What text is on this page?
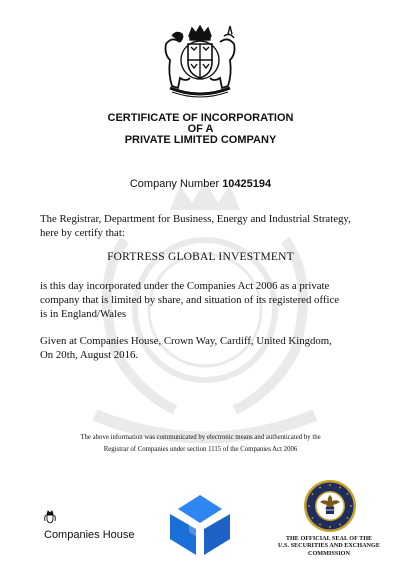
CERTIFICATE OF INCORPORATION
OF A
PRIVATE LIMITED COMPANY
Company Number 10425194
The Registrar, Department for Business, Energy and Industrial Strategy,
here by certify that:
FORTRESS GLOBAL INVESTMENT
is this day incorporated under the Companies Act 2006 as a private
company that is limited by share, and situation of its registered office
is in England/Wales
Given at Companies House, Crown Way, Cardiff, United Kingdom,
On 20th, August 2016.
The above information was communicated by electronic means and authenticated by the
Registrar of Companies under section 1115 of the Companies Act 2006
Companies House	THE OFFICIAL SEAL OF THE
U.S. SECURITIES AND EXCHANGE
COMMISSION
